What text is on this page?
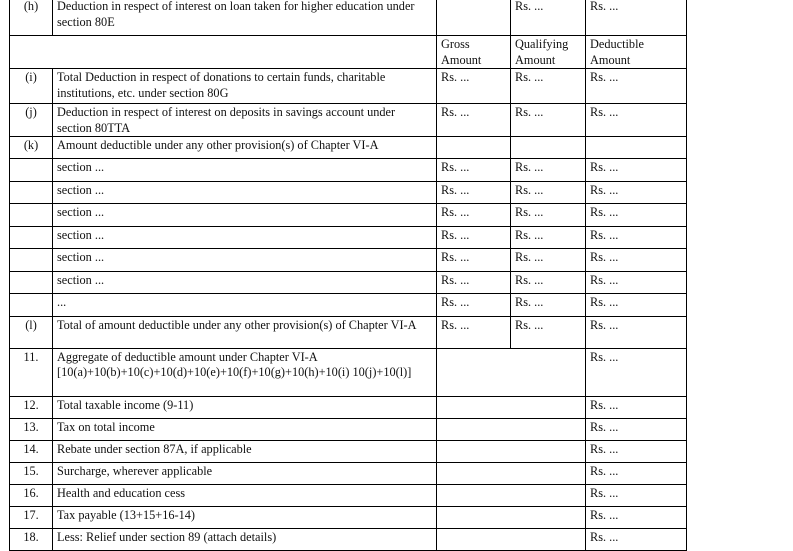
(h)	Deduction in respect of interest on loan taken for higher education under section 80E		Rs. ...	Rs. ...
		Gross Amount	Qualifying Amount	Deductible Amount
(i)	Total Deduction in respect of donations to certain funds, charitable institutions, etc. under section 80G	Rs. ...	Rs. ...	Rs. ...
(j)	Deduction in respect of interest on deposits in savings account under section 80TTA	Rs. ...	Rs. ...	Rs. ...
(k)	Amount deductible under any other provision(s) of Chapter VI-A			
	section ...	Rs. ...	Rs. ...	Rs. ...
	section ...	Rs. ...	Rs. ...	Rs. ...
	section ...	Rs. ...	Rs. ...	Rs. ...
	section ...	Rs. ...	Rs. ...	Rs. ...
	section ...	Rs. ...	Rs. ...	Rs. ...
	section ...	Rs. ...	Rs. ...	Rs. ...
	...	Rs. ...	Rs. ...	Rs. ...
(l)	Total of amount deductible under any other provision(s) of Chapter VI-A	Rs. ...	Rs. ...	Rs. ...
11.	Aggregate of deductible amount under Chapter VI-A [10(a)+10(b)+10(c)+10(d)+10(e)+10(f)+10(g)+10(h)+10(i) 10(j)+10(l)]			Rs. ...
12.	Total taxable income (9-11)			Rs. ...
13.	Tax on total income			Rs. ...
14.	Rebate under section 87A, if applicable			Rs. ...
15.	Surcharge, wherever applicable			Rs. ...
16.	Health and education cess			Rs. ...
17.	Tax payable (13+15+16-14)			Rs. ...
18.	Less: Relief under section 89 (attach details)			Rs. ...
